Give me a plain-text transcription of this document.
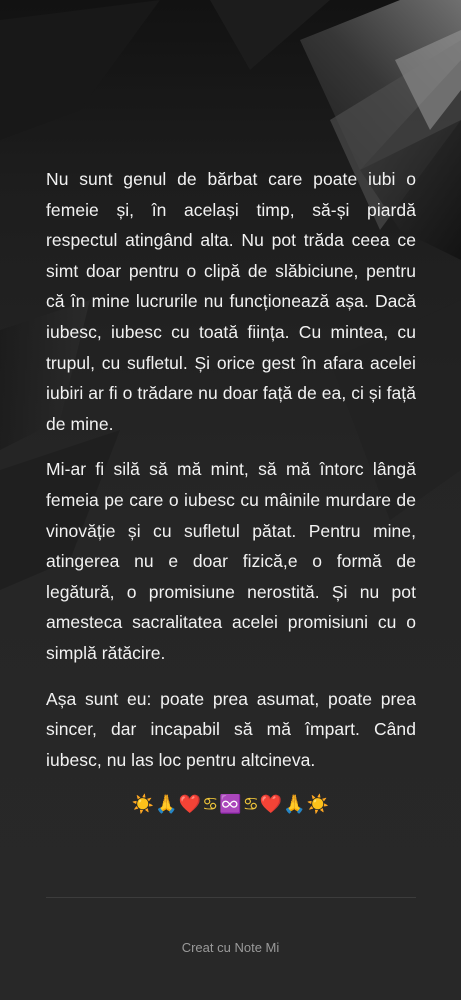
Nu sunt genul de bărbat care poate iubi o femeie și, în același timp, să-și piardă respectul atingând alta. Nu pot trăda ceea ce simt doar pentru o clipă de slăbiciune, pentru că în mine lucrurile nu funcționează așa. Dacă iubesc, iubesc cu toată ființa. Cu mintea, cu trupul, cu sufletul. Și orice gest în afara acelei iubiri ar fi o trădare nu doar față de ea, ci și față de mine.

Mi-ar fi silă să mă mint, să mă întorc lângă femeia pe care o iubesc cu mâinile murdare de vinovăție și cu sufletul pătat. Pentru mine, atingerea nu e doar fizică,e o formă de legătură, o promisiune nerostită. Și nu pot amesteca sacralitatea acelei promisiuni cu o simplă rătăcire.

Așa sunt eu: poate prea asumat, poate prea sincer, dar incapabil să mă împart. Când iubesc, nu las loc pentru altcineva.

☀️🙏❤️♋♾️♋❤️🙏☀️

Creat cu Note Mi
